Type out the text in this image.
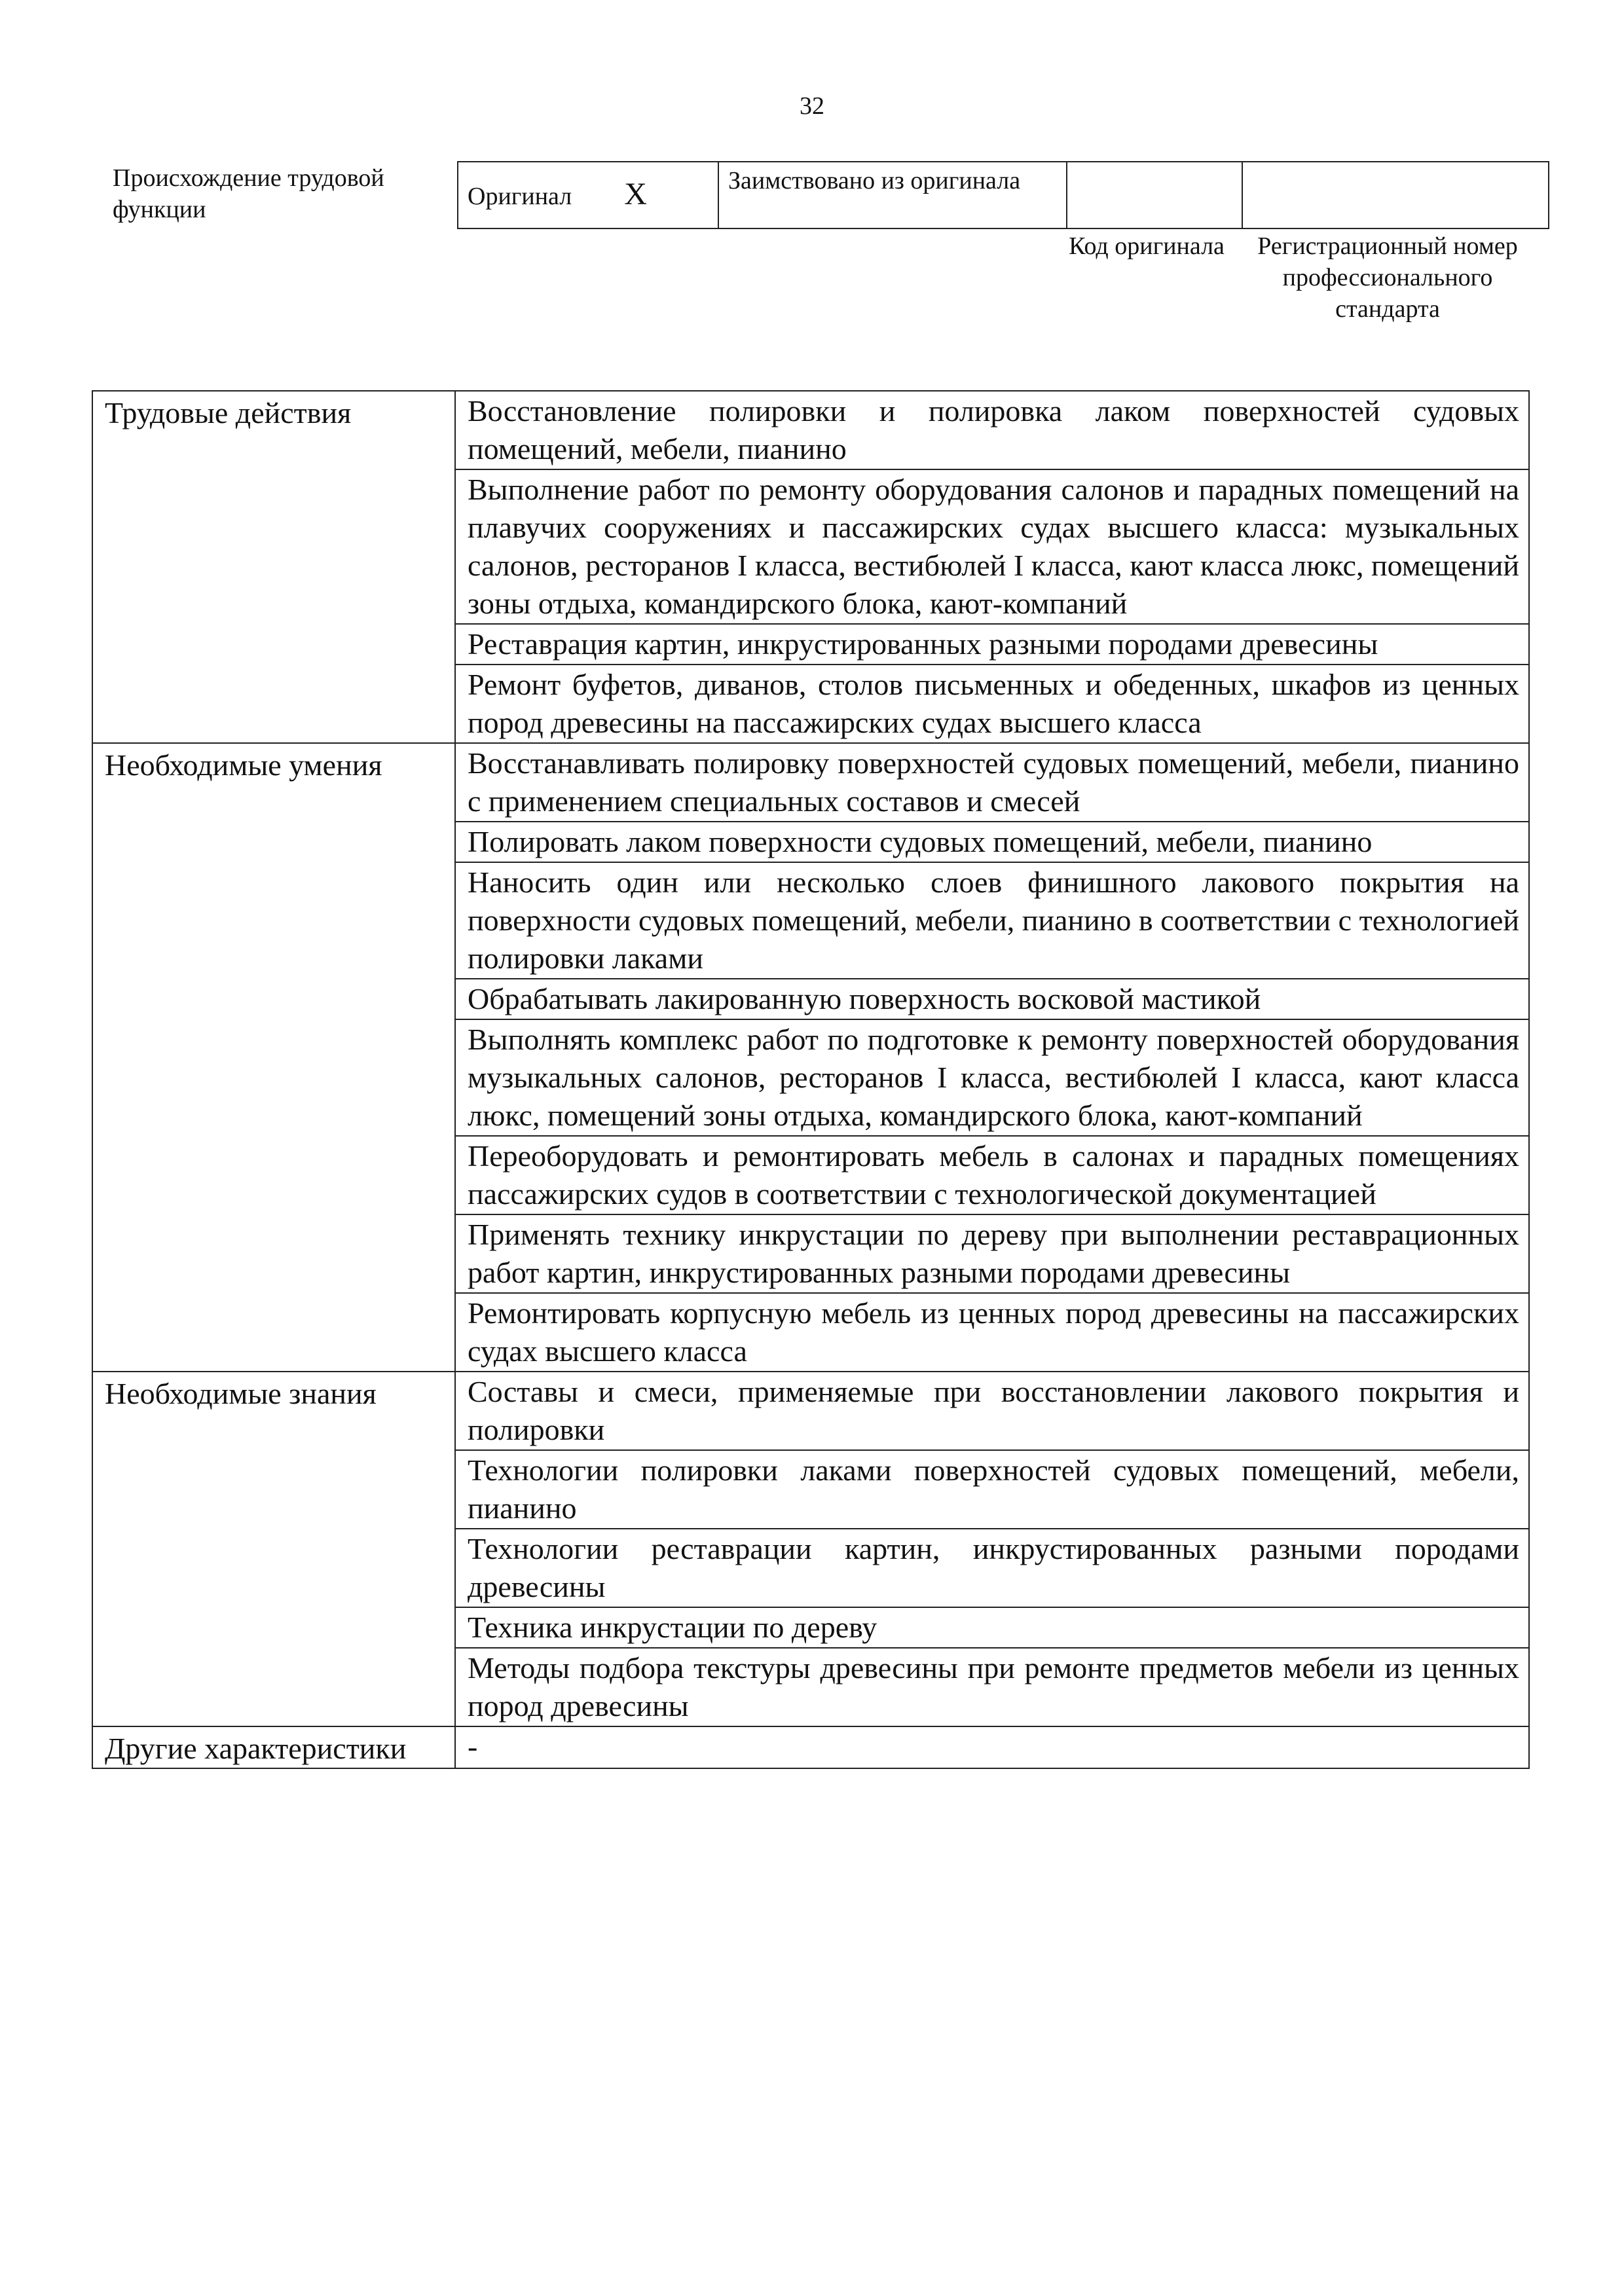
32
Происхождение трудовой функции	Оригинал X	Заимствовано из оригинала		
Код оригинала	Регистрационный номер профессионального стандарта
Трудовые действия	Восстановление полировки и полировка лаком поверхностей судовых помещений, мебели, пианино
	Выполнение работ по ремонту оборудования салонов и парадных помещений на плавучих сооружениях и пассажирских судах высшего класса: музыкальных салонов, ресторанов I класса, вестибюлей I класса, кают класса люкс, помещений зоны отдыха, командирского блока, кают-компаний
	Реставрация картин, инкрустированных разными породами древесины
	Ремонт буфетов, диванов, столов письменных и обеденных, шкафов из ценных пород древесины на пассажирских судах высшего класса
Необходимые умения	Восстанавливать полировку поверхностей судовых помещений, мебели, пианино с применением специальных составов и смесей
	Полировать лаком поверхности судовых помещений, мебели, пианино
	Наносить один или несколько слоев финишного лакового покрытия на поверхности судовых помещений, мебели, пианино в соответствии с технологией полировки лаками
	Обрабатывать лакированную поверхность восковой мастикой
	Выполнять комплекс работ по подготовке к ремонту поверхностей оборудования музыкальных салонов, ресторанов I класса, вестибюлей I класса, кают класса люкс, помещений зоны отдыха, командирского блока, кают-компаний
	Переоборудовать и ремонтировать мебель в салонах и парадных помещениях пассажирских судов в соответствии с технологической документацией
	Применять технику инкрустации по дереву при выполнении реставрационных работ картин, инкрустированных разными породами древесины
	Ремонтировать корпусную мебель из ценных пород древесины на пассажирских судах высшего класса
Необходимые знания	Составы и смеси, применяемые при восстановлении лакового покрытия и полировки
	Технологии полировки лаками поверхностей судовых помещений, мебели, пианино
	Технологии реставрации картин, инкрустированных разными породами древесины
	Техника инкрустации по дереву
	Методы подбора текстуры древесины при ремонте предметов мебели из ценных пород древесины
Другие характеристики	-
